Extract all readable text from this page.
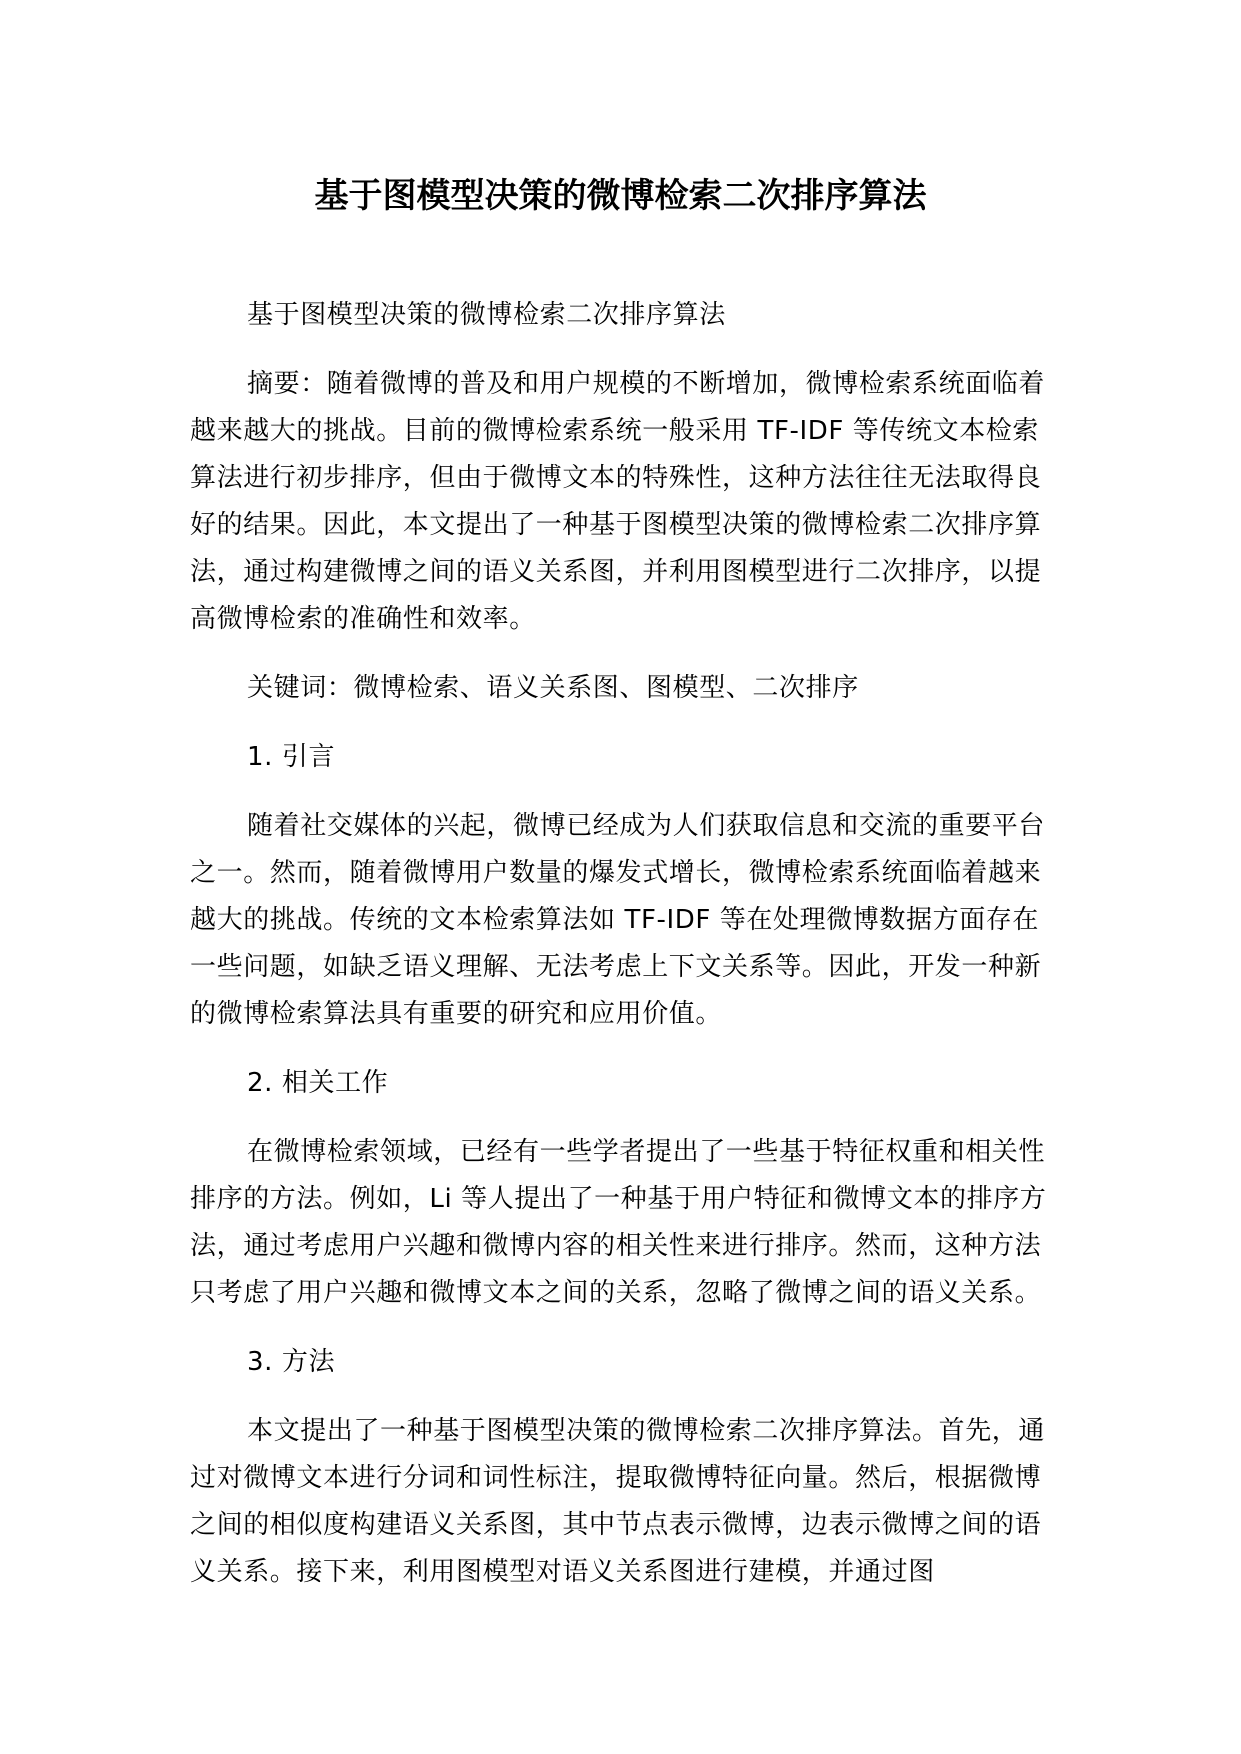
基于图模型决策的微博检索二次排序算法

基于图模型决策的微博检索二次排序算法

摘要：随着微博的普及和用户规模的不断增加，微博检索系统面临着越来越大的挑战。目前的微博检索系统一般采用 TF-IDF 等传统文本检索算法进行初步排序，但由于微博文本的特殊性，这种方法往往无法取得良好的结果。因此，本文提出了一种基于图模型决策的微博检索二次排序算法，通过构建微博之间的语义关系图，并利用图模型进行二次排序，以提高微博检索的准确性和效率。

关键词：微博检索、语义关系图、图模型、二次排序

1. 引言

随着社交媒体的兴起，微博已经成为人们获取信息和交流的重要平台之一。然而，随着微博用户数量的爆发式增长，微博检索系统面临着越来越大的挑战。传统的文本检索算法如 TF-IDF 等在处理微博数据方面存在一些问题，如缺乏语义理解、无法考虑上下文关系等。因此，开发一种新的微博检索算法具有重要的研究和应用价值。

2. 相关工作

在微博检索领域，已经有一些学者提出了一些基于特征权重和相关性排序的方法。例如，Li 等人提出了一种基于用户特征和微博文本的排序方法，通过考虑用户兴趣和微博内容的相关性来进行排序。然而，这种方法只考虑了用户兴趣和微博文本之间的关系，忽略了微博之间的语义关系。

3. 方法

本文提出了一种基于图模型决策的微博检索二次排序算法。首先，通过对微博文本进行分词和词性标注，提取微博特征向量。然后，根据微博之间的相似度构建语义关系图，其中节点表示微博，边表示微博之间的语义关系。接下来，利用图模型对语义关系图进行建模，并通过图
